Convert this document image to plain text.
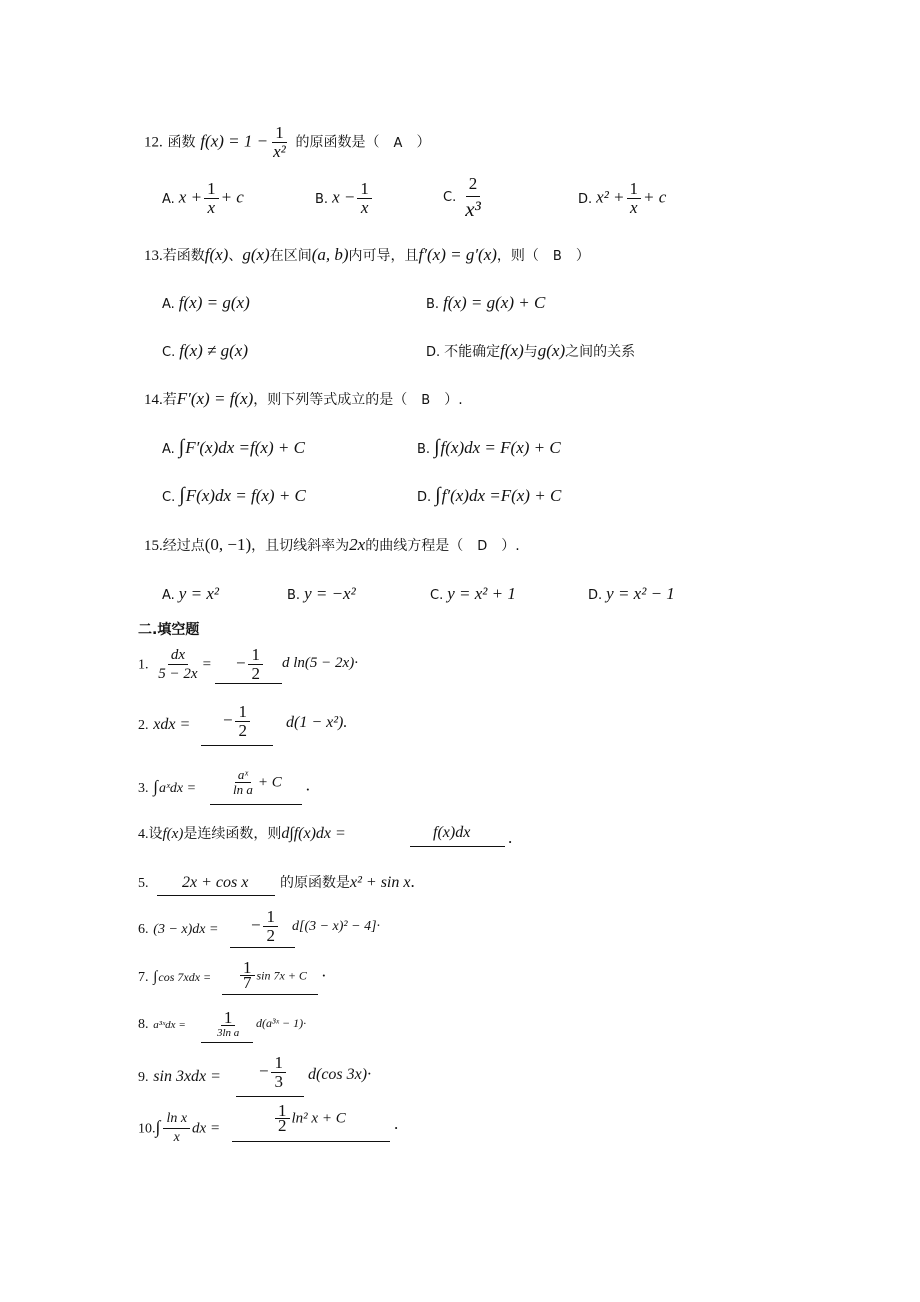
12. 函数 $f(x) = 1 - \frac{1}{\text{x²}}$ 的原函数是（ A ）
A. $x + \frac{1}{x} + c$	B. $x - \frac{1}{x}$	C. $\frac{2}{\text{x³}}$	D. $x^2 + \frac{1}{x} + c$
13.若函数f(x)、g(x)在区间(a, b)内可导，且f′(x) = g′(x)，则（ B ）
A. f(x) = g(x)	B. f(x) = g(x) + C
C. f(x) ≠ g(x)	D. 不能确定f(x)与g(x)之间的关系
14.若F′(x) = f(x)，则下列等式成立的是（ B ）.
A. ∫F′(x)dx =f(x) + C	B. ∫f(x)dx = F(x) + C
C. ∫F(x)dx = f(x) + C	D. ∫f′(x)dx =F(x) + C
15.经过点(0, −1)，且切线斜率为2x的曲线方程是（ D ）.
A. y = x²	B. y = −x²	C. y = x² + 1	D. y = x² − 1
二.填空题
1. $\frac{dx}{5 - 2x}$ = − $\frac{1}{2}$ d ln(5 − 2x)·
2. xdx = − $\frac{1}{2} d(1 - x^2)$.
3. ∫aˣdx =	$\frac{\text{aˣ}}{\text{ln a}} + C$ ·
4.设f(x)是连续函数，则d∫f(x)dx =	f(x)dx .
5. 2x + cos x 的原函数是x² + sin x.
6. (3 − x)dx = − $\frac{1}{2} d[(3 - x)^2 - 4]\cdot$
7. ∫cos $7xdx = \frac{1}{7}$ sin 7x + C ·
8. a³ˣdx = $\frac{1}{\text{3ln a}}$ d(a³ˣ − 1)·
9. sin 3xdx = − $\frac{1}{3} d(\cos$ 3x)·
$10.\int \frac{\text{ln x}}{x}$ dx =	$\frac{1}{2} \ln^2$ x + C	.
